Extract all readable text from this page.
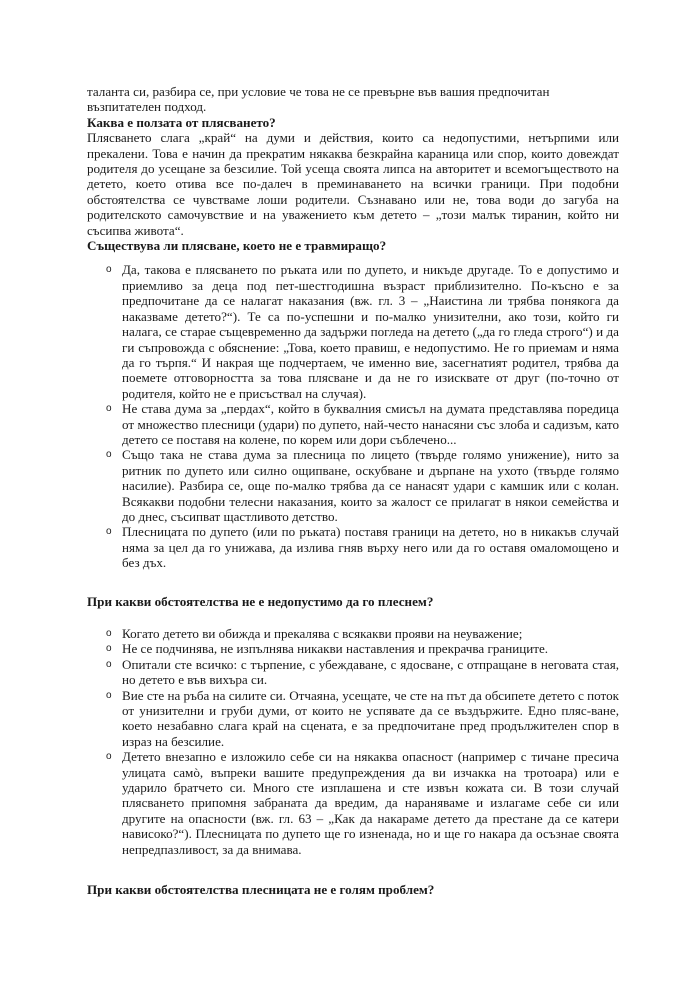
таланта си, разбира се, при условие че това не се превърне във вашия предпочитан възпитателен подход.

Каква е ползата от плясването?

Плясването слага „край“ на думи и действия, които са недопустими, нетърпими или прекалени. Това е начин да прекратим някаква безкрайна караница или спор, които довеждат родителя до усещане за безсилие. Той усеща своята липса на авторитет и всемогъществото на детето, което отива все по-далеч в преминаването на всички граници. При подобни обстоятелства се чувстваме лоши родители. Съзнавано или не, това води до загуба на родителското самочувствие и на уважението към детето – „този малък тиранин, който ни съсипва живота“.

Съществува ли плясване, което не е травмиращо?
o Да, такова е плясването по ръката или по дупето, и никъде другаде. То е допустимо и приемливо за деца под пет-шестгодишна възраст приблизително. По-късно е за предпочитане да се налагат наказания (вж. гл. 3 – „Наистина ли трябва понякога да наказваме детето?“). Те са по-успешни и по-малко унизителни, ако този, който ги налага, се старае същевременно да задържи погледа на детето („да го гледа строго“) и да ги съпровожда с обяснение: „Това, което правиш, е недопустимо. Не го приемам и няма да го търпя.“ И накрая ще подчертаем, че именно вие, засегнатият родител, трябва да поемете отговорността за това плясване и да не го изисквате от друг (по-точно от родителя, който не е присъствал на случая).
o Не става дума за „пердах“, който в буквалния смисъл на думата представлява поредица от множество плесници (удари) по дупето, най-често нанасяни със злоба и садизъм, като детето се поставя на колене, по корем или дори съблечено...
o Също така не става дума за плесница по лицето (твърде голямо унижение), нито за ритник по дупето или силно ощипване, оскубване и дърпане на ухото (твърде голямо насилие). Разбира се, още по-малко трябва да се нанасят удари с камшик или с колан. Всякакви подобни телесни наказания, които за жалост се прилагат в някои семейства и до днес, съсипват щастливото детство.
o Плесницата по дупето (или по ръката) поставя граници на детето, но в никакъв случай няма за цел да го унижава, да излива гняв върху него или да го оставя омаломощено и без дъх.
При какви обстоятелства не е недопустимо да го плеснем?
o Когато детето ви обижда и прекалява с всякакви прояви на неуважение;
o Не се подчинява, не изпълнява никакви наставления и прекрачва границите.
o Опитали сте всичко: с търпение, с убеждаване, с ядосване, с отпращане в неговата стая, но детето е във вихъра си.
o Вие сте на ръба на силите си. Отчаяна, усещате, че сте на път да обсипете детето с поток от унизителни и груби думи, от които не успявате да се въздържите. Едно пляс-ване, което незабавно слага край на сцената, е за предпочитане пред продължителен спор в израз на безсилие.
o Детето внезапно е изложило себе си на някаква опасност (например с тичане пресича улицата самò, въпреки вашите предупреждения да ви изчакка на тротоара) или е ударило братчето си. Много сте изплашена и сте извън кожата си. В този случай плясването припомня забраната да вредим, да нараняваме и излагаме себе си или другите на опасности (вж. гл. 63 – „Как да накараме детето да престане да се катери нависоко?“). Плесницата по дупето ще го изненада, но и ще го накара да осъзнае своята непредпазливост, за да внимава.
При какви обстоятелства плесницата не е голям проблем?
